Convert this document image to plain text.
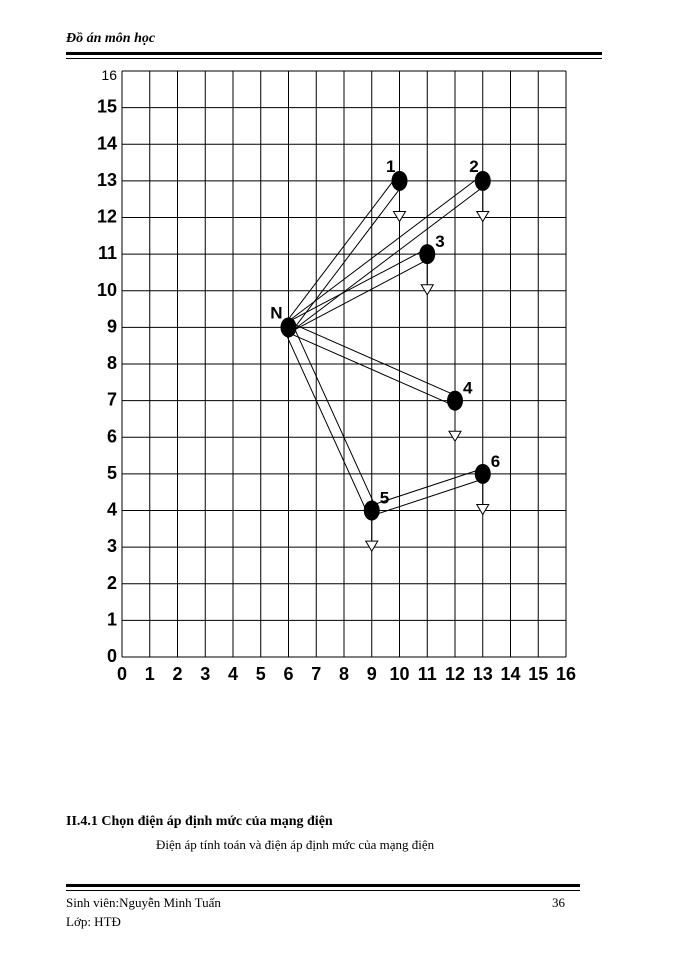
Đồ án môn học
0 1 2 3 4 5 6 7 8 9 10 11 12 13 14 15 16
0
1
2
3
4
5
6
7
8
9
10
11
12
13
14
15
16
N
1	2
3
4
5
6
II.4.1 Chọn điện áp định mức của mạng điện
Điện áp tính toán và điện áp định mức của mạng điện
Sinh viên:Nguyễn Minh Tuấn
Lớp: HTĐ
36
